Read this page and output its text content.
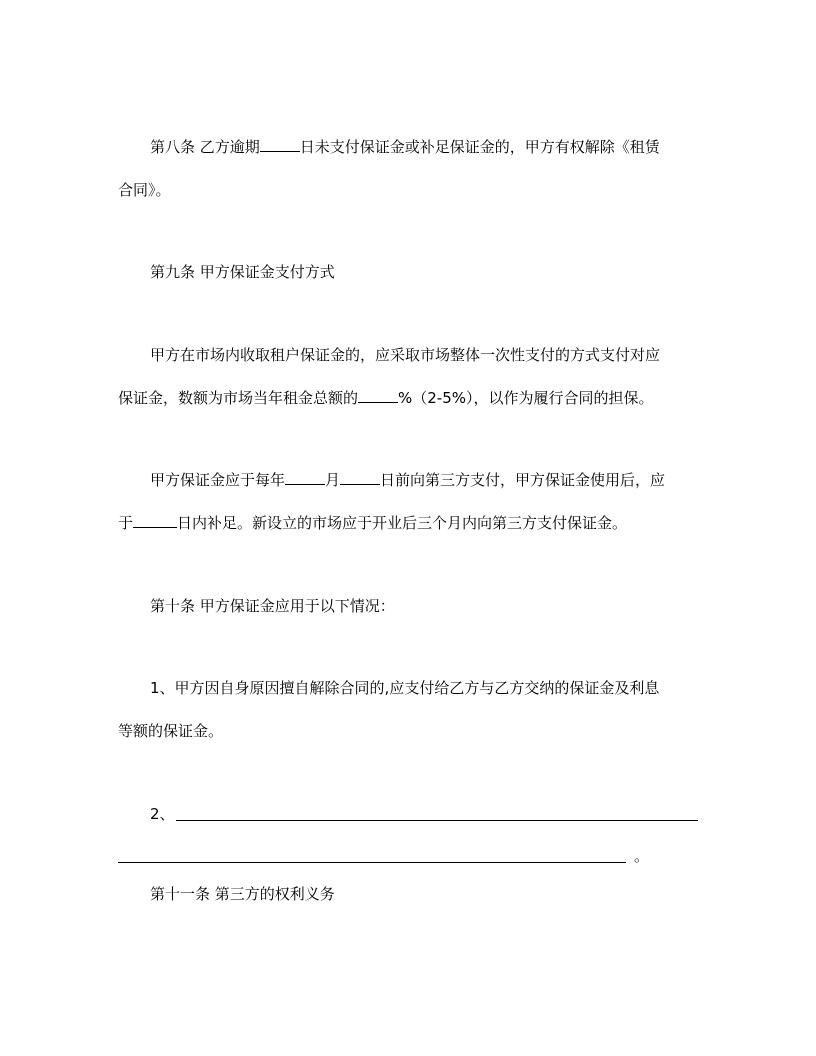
第八条 乙方逾期	日未支付保证金或补足保证金的，甲方有权解除《租赁
合同》。
第九条 甲方保证金支付方式
甲方在市场内收取租户保证金的，应采取市场整体一次性支付的方式支付对应
保证金，数额为市场当年租金总额的	%（2-5%），以作为履行合同的担保。
甲方保证金应于每年	月	日前向第三方支付，甲方保证金使用后，应
于	日内补足。新设立的市场应于开业后三个月内向第三方支付保证金。
第十条 甲方保证金应用于以下情况：
1、甲方因自身原因擅自解除合同的,应支付给乙方与乙方交纳的保证金及利息
等额的保证金。
2、
。
第十一条 第三方的权利义务
